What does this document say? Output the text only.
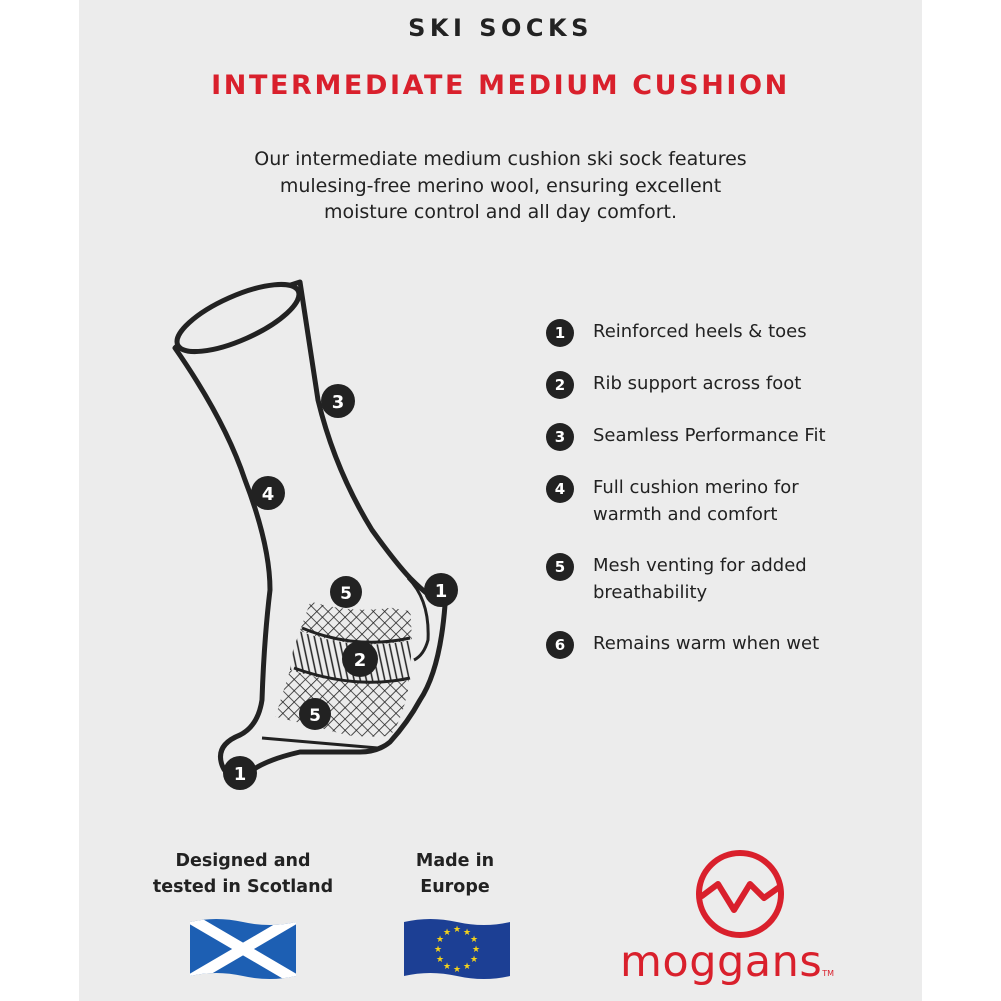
SKI SOCKS
INTERMEDIATE MEDIUM CUSHION
Our intermediate medium cushion ski sock features
mulesing-free merino wool, ensuring excellent
moisture control and all day comfort.
3
4
5	1
2
5
1
1	Reinforced heels & toes
2	Rib support across foot
3	Seamless Performance Fit
4	Full cushion merino for
warmth and comfort
5	Mesh venting for added
breathability
6	Remains warm when wet
Designed and
tested in Scotland
Made in
Europe
★ ★
★
★
★
★
★
★
★
★
★
★
moggansTM
